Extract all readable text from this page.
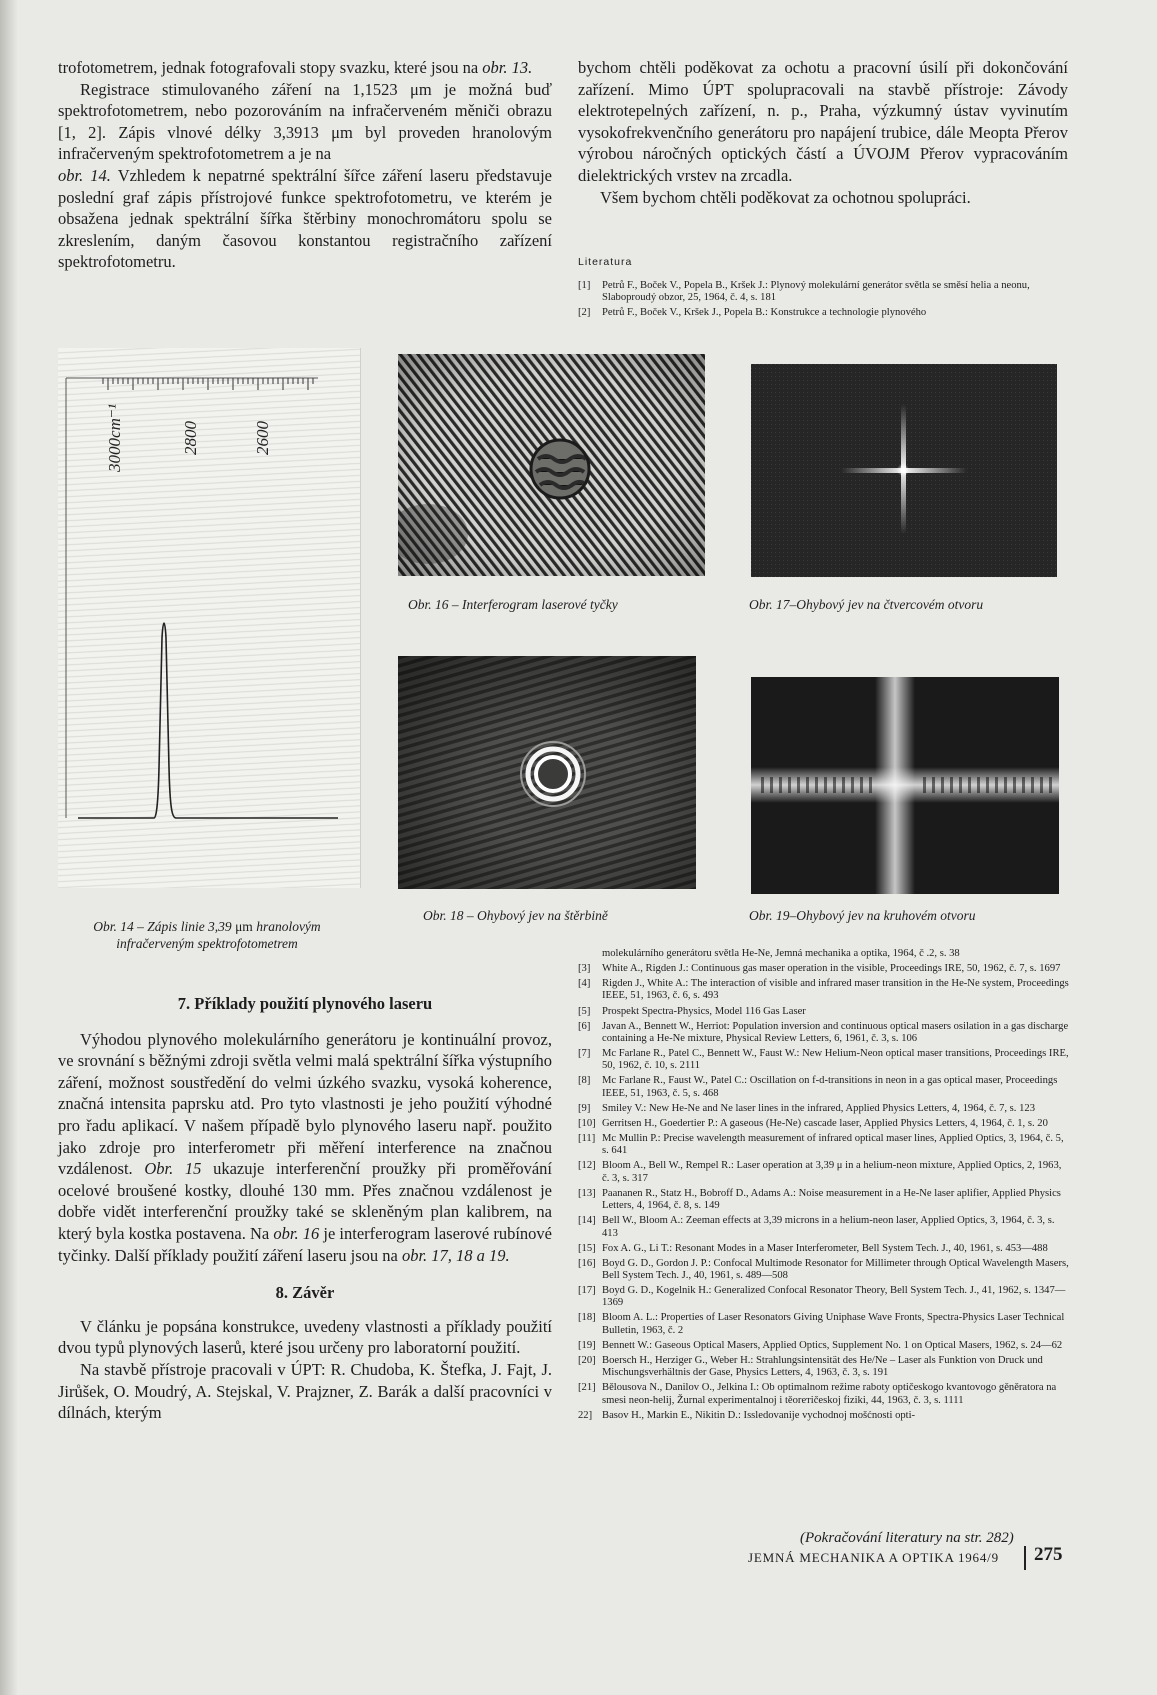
trofotometrem, jednak fotografovali stopy svazku, které jsou na obr. 13.

Registrace stimulovaného záření na 1,1523 μm je možná buď spektrofotometrem, nebo pozorováním na infračerveném měniči obrazu [1, 2]. Zápis vlnové délky 3,3913 μm byl proveden hranolovým infračerveným spektrofotometrem a je na

obr. 14. Vzhledem k nepatrné spektrální šířce záření laseru představuje poslední graf zápis přístrojové funkce spektrofotometru, ve kterém je obsažena jednak spektrální šířka štěrbiny monochromátoru spolu se zkreslením, daným časovou konstantou registračního zařízení spektrofotometru.

bychom chtěli poděkovat za ochotu a pracovní úsilí při dokončování zařízení. Mimo ÚPT spolupracovali na stavbě přístroje: Závody elektrotepelných zařízení, n. p., Praha, výzkumný ústav vyvinutím vysokofrekvenčního generátoru pro napájení trubice, dále Meopta Přerov výrobou náročných optických částí a ÚVOJM Přerov vypracováním dielektrických vrstev na zrcadla.

Všem bychom chtěli poděkovat za ochotnou spolupráci.

Literatura
[1]	Petrů F., Boček V., Popela B., Kršek J.: Plynový molekulární generátor světla se směsí helia a neonu, Slaboproudý obzor, 25, 1964, č. 4, s. 181
[2]	Petrů F., Boček V., Kršek J., Popela B.: Konstrukce a technologie plynového
3000cm⁻¹	2800	2600
Obr. 16 – Interferogram laserové tyčky	Obr. 17–Ohybový jev na čtvercovém otvoru
Obr. 18 – Ohybový jev na štěrbině	Obr. 19–Ohybový jev na kruhovém otvoru
Obr. 14 – Zápis linie 3,39 μm hranolovým infračerveným spektrofotometrem

7. Příklady použití plynového laseru

Výhodou plynového molekulárního generátoru je kontinuální provoz, ve srovnání s běžnými zdroji světla velmi malá spektrální šířka výstupního záření, možnost soustředění do velmi úzkého svazku, vysoká koherence, značná intensita paprsku atd. Pro tyto vlastnosti je jeho použití výhodné pro řadu aplikací. V našem případě bylo plynového laseru např. použito jako zdroje pro interferometr při měření interference na značnou vzdálenost. Obr. 15 ukazuje interferenční proužky při proměřování ocelové broušené kostky, dlouhé 130 mm. Přes značnou vzdálenost je dobře vidět interferenční proužky také se skleněným plan kalibrem, na který byla kostka postavena. Na obr. 16 je interferogram laserové rubínové tyčinky. Další příklady použití záření laseru jsou na obr. 17, 18 a 19.

8. Závěr

V článku je popsána konstrukce, uvedeny vlastnosti a příklady použití dvou typů plynových laserů, které jsou určeny pro laboratorní použití.

Na stavbě přístroje pracovali v ÚPT: R. Chudoba, K. Štefka, J. Fajt, J. Jirůšek, O. Moudrý, A. Stejskal, V. Prajzner, Z. Barák a další pracovníci v dílnách, kterým

molekulárního generátoru světla He-Ne, Jemná mechanika a optika, 1964, č .2, s. 38
[3]	White A., Rigden J.: Continuous gas maser operation in the visible, Proceedings IRE, 50, 1962, č. 7, s. 1697
[4]	Rigden J., White A.: The interaction of visible and infrared maser transition in the He-Ne system, Proceedings IEEE, 51, 1963, č. 6, s. 493
[5]	Prospekt Spectra-Physics, Model 116 Gas Laser
[6]	Javan A., Bennett W., Herriot: Population inversion and continuous optical masers osilation in a gas discharge containing a He-Ne mixture, Physical Review Letters, 6, 1961, č. 3, s. 106
[7]	Mc Farlane R., Patel C., Bennett W., Faust W.: New Helium-Neon optical maser transitions, Proceedings IRE, 50, 1962, č. 10, s. 2111
[8]	Mc Farlane R., Faust W., Patel C.: Oscillation on f-d-transitions in neon in a gas optical maser, Proceedings IEEE, 51, 1963, č. 5, s. 468
[9]	Smiley V.: New He-Ne and Ne laser lines in the infrared, Applied Physics Letters, 4, 1964, č. 7, s. 123
[10] Gerritsen H., Goedertier P.: A gaseous (He-Ne) cascade laser, Applied Physics Letters, 4, 1964, č. 1, s. 20
[11] Mc Mullin P.: Precise wavelength measurement of infrared optical maser lines, Applied Optics, 3, 1964, č. 5, s. 641
[12] Bloom A., Bell W., Rempel R.: Laser operation at 3,39 μ in a helium-neon mixture, Applied Optics, 2, 1963, č. 3, s. 317
[13] Paananen R., Statz H., Bobroff D., Adams A.: Noise measurement in a He-Ne laser aplifier, Applied Physics Letters, 4, 1964, č. 8, s. 149
[14] Bell W., Bloom A.: Zeeman effects at 3,39 microns in a helium-neon laser, Applied Optics, 3, 1964, č. 3, s. 413
[15] Fox A. G., Li T.: Resonant Modes in a Maser Interferometer, Bell System Tech. J., 40, 1961, s. 453—488
[16] Boyd G. D., Gordon J. P.: Confocal Multimode Resonator for Millimeter through Optical Wavelength Masers, Bell System Tech. J., 40, 1961, s. 489—508
[17] Boyd G. D., Kogelnik H.: Generalized Confocal Resonator Theory, Bell System Tech. J., 41, 1962, s. 1347—1369
[18] Bloom A. L.: Properties of Laser Resonators Giving Uniphase Wave Fronts, Spectra-Physics Laser Technical Bulletin, 1963, č. 2
[19] Bennett W.: Gaseous Optical Masers, Applied Optics, Supplement No. 1 on Optical Masers, 1962, s. 24—62
[20] Boersch H., Herziger G., Weber H.: Strahlungsintensität des He/Ne – Laser als Funktion von Druck und Mischungsverhältnis der Gase, Physics Letters, 4, 1963, č. 3, s. 191
[21] Bělousova N., Danilov O., Jelkina I.: Ob optimalnom režime raboty optičeskogo kvantovogo gěněratora na smesi neon-helij, Žurnal experimentalnoj i těorетičeskoj fiziki, 44, 1963, č. 3, s. 1111
22] Basov H., Markin E., Nikitin D.: Issledovanije vychodnoj mošćnosti opti-
(Pokračování literatury na str. 282)
JEMNÁ MECHANIKA A OPTIKA 1964/9 275
